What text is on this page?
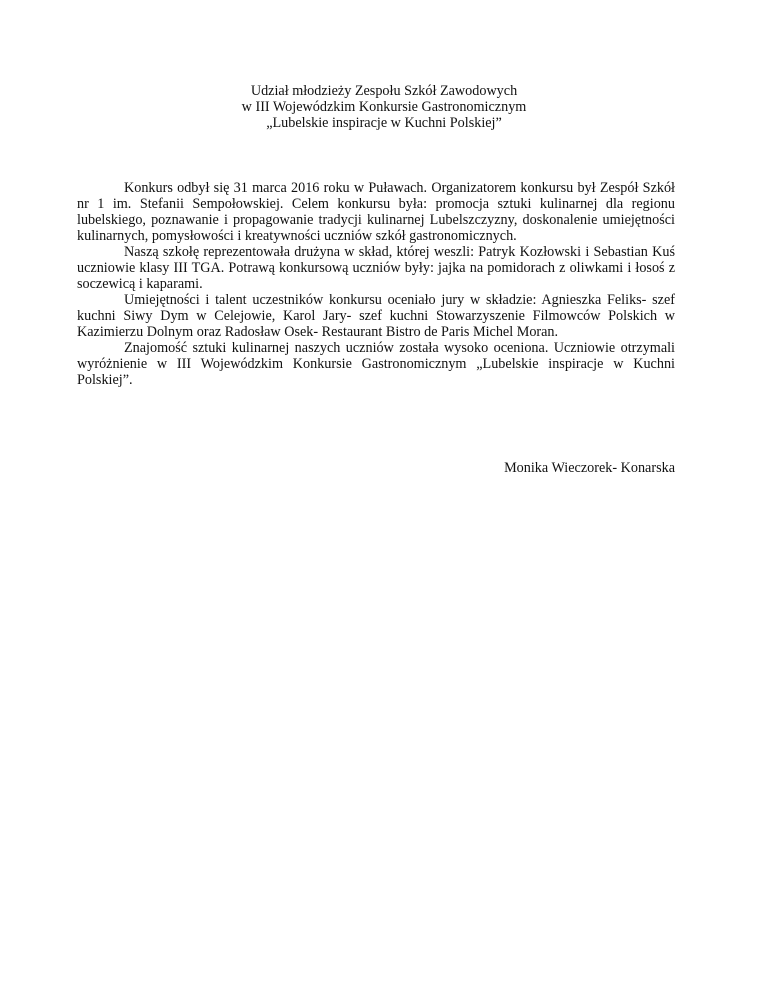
Udział młodzieży Zespołu Szkół Zawodowych
w III Wojewódzkim Konkursie Gastronomicznym
„Lubelskie inspiracje w Kuchni Polskiej”

Konkurs odbył się 31 marca 2016 roku w Puławach. Organizatorem konkursu był Zespół Szkół nr 1 im. Stefanii Sempołowskiej. Celem konkursu była: promocja sztuki kulinarnej dla regionu lubelskiego, poznawanie i propagowanie tradycji kulinarnej Lubelszczyzny, doskonalenie umiejętności kulinarnych, pomysłowości i kreatywności uczniów szkół gastronomicznych.

Naszą szkołę reprezentowała drużyna w skład, której weszli: Patryk Kozłowski i Sebastian Kuś uczniowie klasy III TGA. Potrawą konkursową uczniów były: jajka na pomidorach z oliwkami i łosoś z soczewicą i kaparami.

Umiejętności i talent uczestników konkursu oceniało jury w składzie: Agnieszka Feliks- szef kuchni Siwy Dym w Celejowie, Karol Jary- szef kuchni Stowarzyszenie Filmowców Polskich w Kazimierzu Dolnym oraz Radosław Osek- Restaurant Bistro de Paris Michel Moran.

Znajomość sztuki kulinarnej naszych uczniów została wysoko oceniona. Uczniowie otrzymali wyróżnienie w III Wojewódzkim Konkursie Gastronomicznym „Lubelskie inspiracje w Kuchni Polskiej”.

Monika Wieczorek- Konarska
